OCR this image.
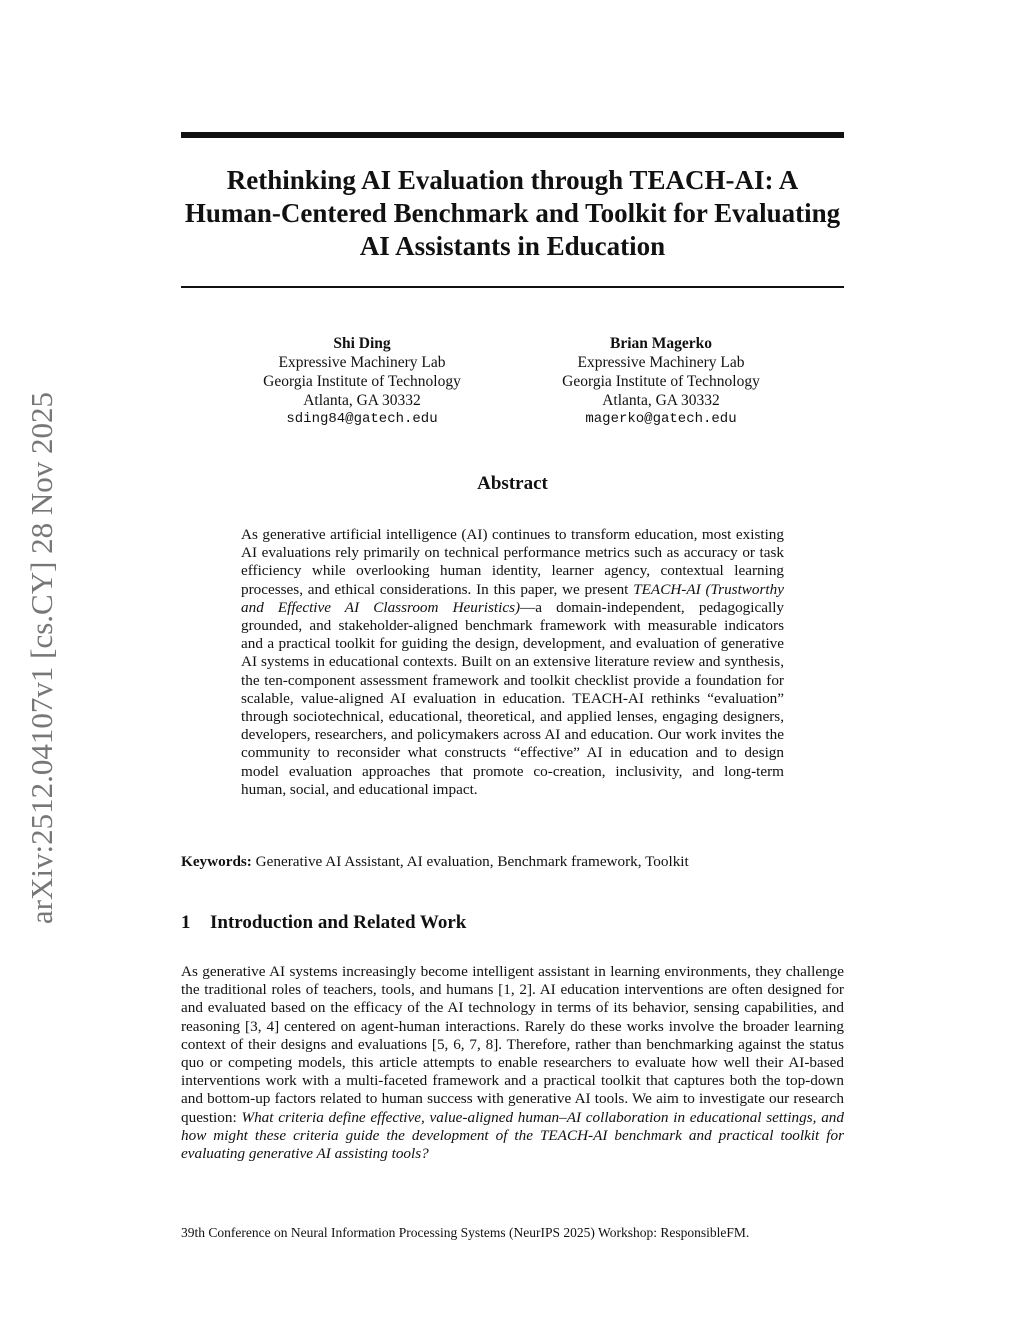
arXiv:2512.04107v1 [cs.CY] 28 Nov 2025
Rethinking AI Evaluation through TEACH-AI: A Human-Centered Benchmark and Toolkit for Evaluating AI Assistants in Education
Shi Ding
Expressive Machinery Lab
Georgia Institute of Technology
Atlanta, GA 30332
sding84@gatech.edu
Brian Magerko
Expressive Machinery Lab
Georgia Institute of Technology
Atlanta, GA 30332
magerko@gatech.edu
Abstract

As generative artificial intelligence (AI) continues to transform education, most existing AI evaluations rely primarily on technical performance metrics such as accuracy or task efficiency while overlooking human identity, learner agency, contextual learning processes, and ethical considerations. In this paper, we present TEACH-AI (Trustworthy and Effective AI Classroom Heuristics)—a domain-independent, pedagogically grounded, and stakeholder-aligned benchmark framework with measurable indicators and a practical toolkit for guiding the design, development, and evaluation of generative AI systems in educational contexts. Built on an extensive literature review and synthesis, the ten-component assessment framework and toolkit checklist provide a foundation for scalable, value-aligned AI evaluation in education. TEACH-AI rethinks “evaluation” through sociotechnical, educational, theoretical, and applied lenses, engaging designers, developers, researchers, and policymakers across AI and education. Our work invites the community to reconsider what constructs “effective” AI in education and to design model evaluation approaches that promote co-creation, inclusivity, and long-term human, social, and educational impact.

Keywords: Generative AI Assistant, AI evaluation, Benchmark framework, Toolkit
1 Introduction and Related Work

As generative AI systems increasingly become intelligent assistant in learning environments, they challenge the traditional roles of teachers, tools, and humans [1, 2]. AI education interventions are often designed for and evaluated based on the efficacy of the AI technology in terms of its behavior, sensing capabilities, and reasoning [3, 4] centered on agent-human interactions. Rarely do these works involve the broader learning context of their designs and evaluations [5, 6, 7, 8]. Therefore, rather than benchmarking against the status quo or competing models, this article attempts to enable researchers to evaluate how well their AI-based interventions work with a multi-faceted framework and a practical toolkit that captures both the top-down and bottom-up factors related to human success with generative AI tools. We aim to investigate our research question: What criteria define effective, value-aligned human–AI collaboration in educational settings, and how might these criteria guide the development of the TEACH-AI benchmark and practical toolkit for evaluating generative AI assisting tools?

39th Conference on Neural Information Processing Systems (NeurIPS 2025) Workshop: ResponsibleFM.
